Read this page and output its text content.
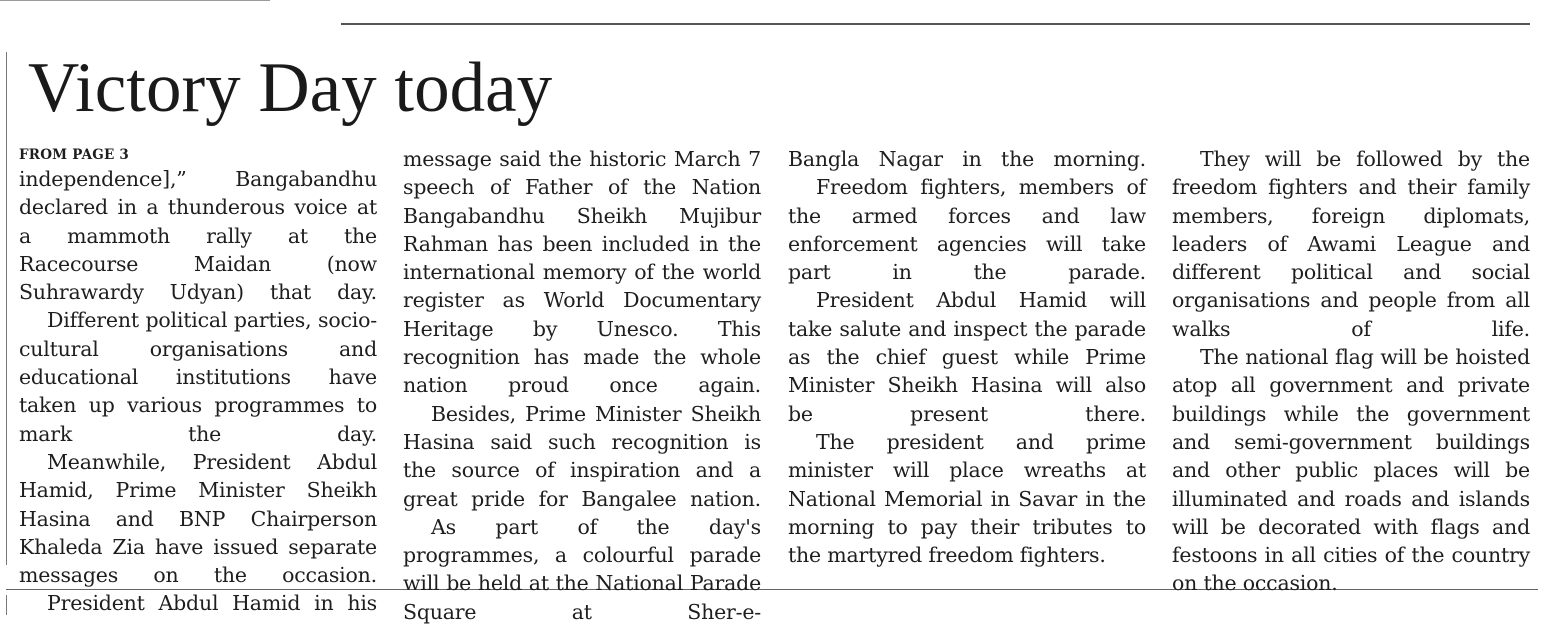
Victory Day today
FROM PAGE 3

independence],” Bangabandhu declared in a thunderous voice at a mammoth rally at the Racecourse Maidan (now Suhrawardy Udyan) that day.

Different political parties, socio-cultural organisations and educational institutions have taken up various programmes to mark the day.

Meanwhile, President Abdul Hamid, Prime Minister Sheikh Hasina and BNP Chairperson Khaleda Zia have issued separate messages on the occasion.

President Abdul Hamid in his

message said the historic March 7 speech of Father of the Nation Bangabandhu Sheikh Mujibur Rahman has been included in the international memory of the world register as World Documentary Heritage by Unesco. This recognition has made the whole nation proud once again.

Besides, Prime Minister Sheikh Hasina said such recognition is the source of inspiration and a great pride for Bangalee nation.

As part of the day's programmes, a colourful parade will be held at the National Parade Square at Sher-e-

Bangla Nagar in the morning.

Freedom fighters, members of the armed forces and law enforcement agencies will take part in the parade.

President Abdul Hamid will take salute and inspect the parade as the chief guest while Prime Minister Sheikh Hasina will also be present there.

The president and prime minister will place wreaths at National Memorial in Savar in the morning to pay their tributes to the martyred freedom fighters.

They will be followed by the freedom fighters and their family members, foreign diplomats, leaders of Awami League and different political and social organisations and people from all walks of life.

The national flag will be hoisted atop all government and private buildings while the government and semi-government buildings and other public places will be illuminated and roads and islands will be decorated with flags and festoons in all cities of the country on the occasion.
